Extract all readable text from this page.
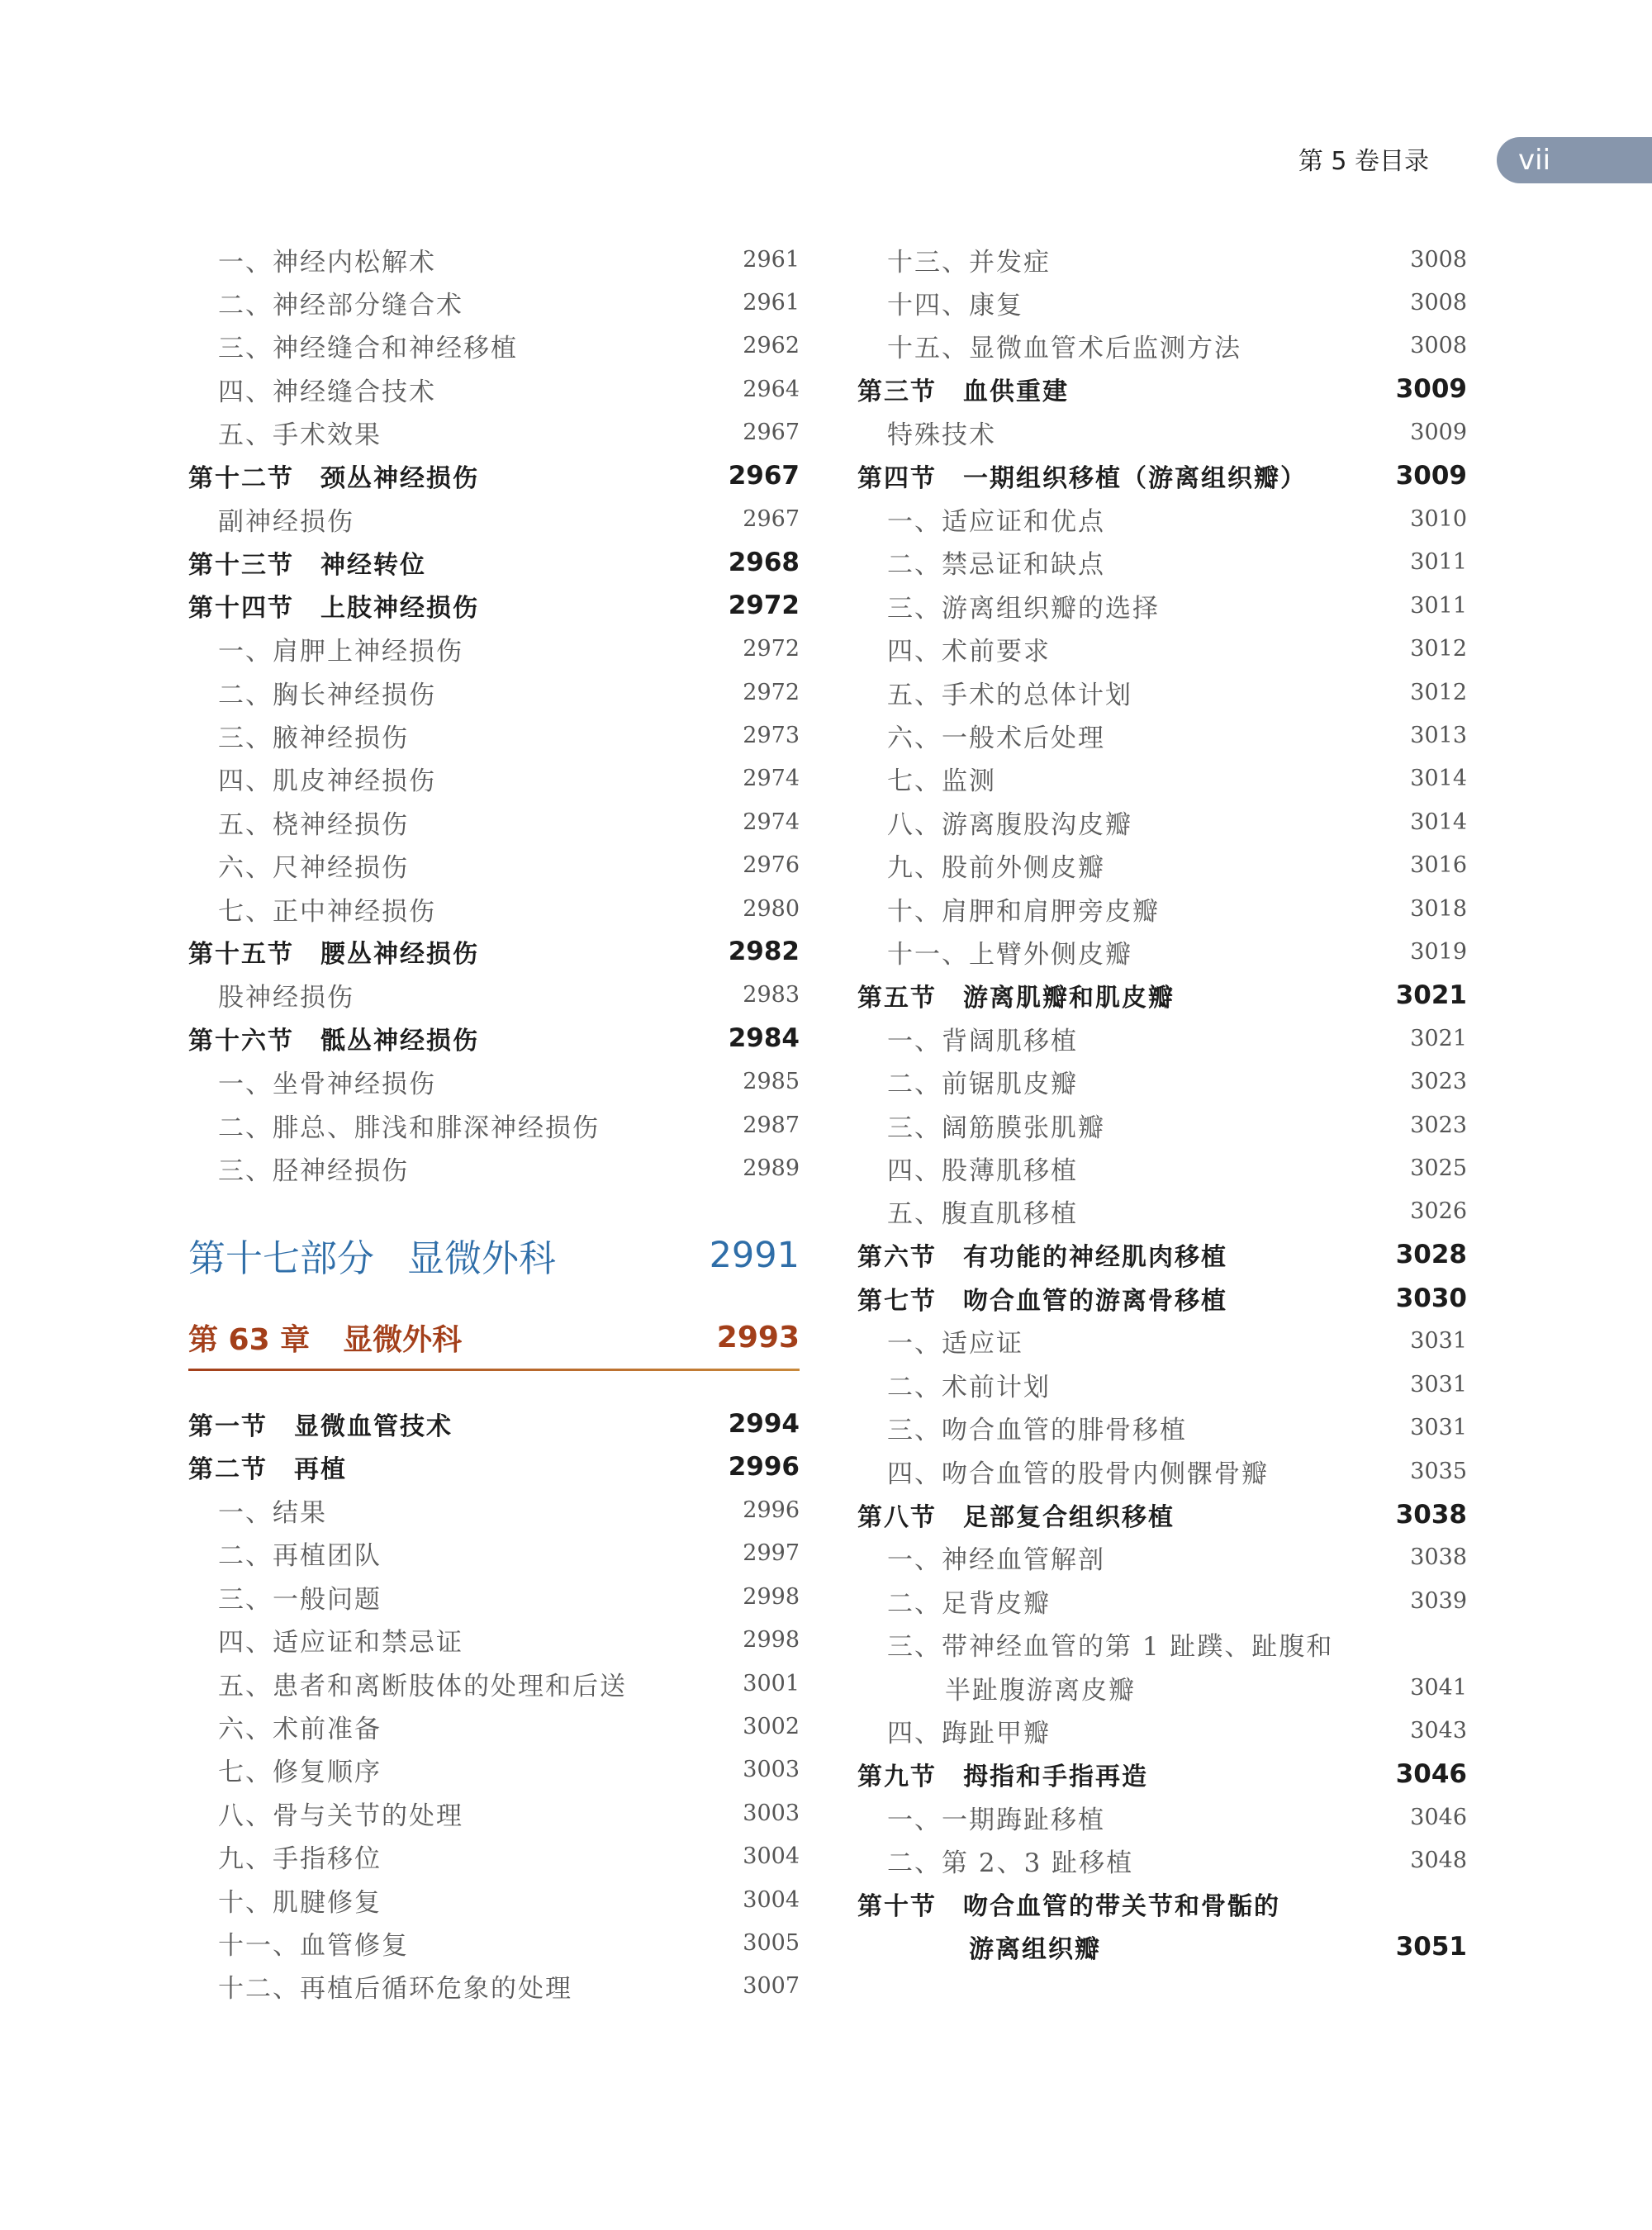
第 5 卷目录	vii
一、神经内松解术	2961
二、神经部分缝合术	2961
三、神经缝合和神经移植	2962
四、神经缝合技术	2964
五、手术效果	2967
第十二节　颈丛神经损伤	2967
副神经损伤	2967
第十三节　神经转位	2968
第十四节　上肢神经损伤	2972
一、肩胛上神经损伤	2972
二、胸长神经损伤	2972
三、腋神经损伤	2973
四、肌皮神经损伤	2974
五、桡神经损伤	2974
六、尺神经损伤	2976
七、正中神经损伤	2980
第十五节　腰丛神经损伤	2982
股神经损伤	2983
第十六节　骶丛神经损伤	2984
一、坐骨神经损伤	2985
二、腓总、腓浅和腓深神经损伤	2987
三、胫神经损伤	2989
第十七部分 显微外科	2991
第 63 章 显微外科	2993
第一节　显微血管技术	2994
第二节　再植	2996
一、结果	2996
二、再植团队	2997
三、一般问题	2998
四、适应证和禁忌证	2998
五、患者和离断肢体的处理和后送	3001
六、术前准备	3002
七、修复顺序	3003
八、骨与关节的处理	3003
九、手指移位	3004
十、肌腱修复	3004
十一、血管修复	3005
十二、再植后循环危象的处理	3007
十三、并发症	3008
十四、康复	3008
十五、显微血管术后监测方法	3008
第三节　血供重建	3009
特殊技术	3009
第四节　一期组织移植（游离组织瓣）	3009
一、适应证和优点	3010
二、禁忌证和缺点	3011
三、游离组织瓣的选择	3011
四、术前要求	3012
五、手术的总体计划	3012
六、一般术后处理	3013
七、监测	3014
八、游离腹股沟皮瓣	3014
九、股前外侧皮瓣	3016
十、肩胛和肩胛旁皮瓣	3018
十一、上臂外侧皮瓣	3019
第五节　游离肌瓣和肌皮瓣	3021
一、背阔肌移植	3021
二、前锯肌皮瓣	3023
三、阔筋膜张肌瓣	3023
四、股薄肌移植	3025
五、腹直肌移植	3026
第六节　有功能的神经肌肉移植	3028
第七节　吻合血管的游离骨移植	3030
一、适应证	3031
二、术前计划	3031
三、吻合血管的腓骨移植	3031
四、吻合血管的股骨内侧髁骨瓣	3035
第八节　足部复合组织移植	3038
一、神经血管解剖	3038
二、足背皮瓣	3039
三、带神经血管的第 1 趾蹼、趾腹和
半趾腹游离皮瓣	3041
四、踇趾甲瓣	3043
第九节　拇指和手指再造	3046
一、一期踇趾移植	3046
二、第 2、3 趾移植	3048
第十节　吻合血管的带关节和骨骺的
游离组织瓣	3051
